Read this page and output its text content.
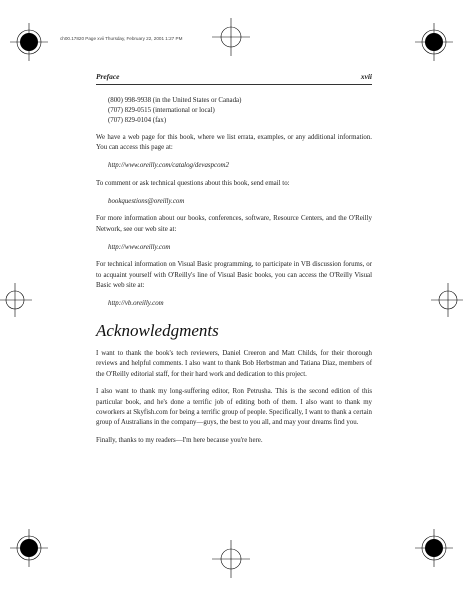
ch00.17820 Page xvii Thursday, February 22, 2001 1:27 PM
Preface	xvii
(800) 998-9938 (in the United States or Canada)
(707) 829-0515 (international or local)
(707) 829-0104 (fax)

We have a web page for this book, where we list errata, examples, or any additional information. You can access this page at:

http://www.oreilly.com/catalog/devaspcom2

To comment or ask technical questions about this book, send email to:

bookquestions@oreilly.com

For more information about our books, conferences, software, Resource Centers, and the O'Reilly Network, see our web site at:

http://www.oreilly.com

For technical information on Visual Basic programming, to participate in VB discussion forums, or to acquaint yourself with O'Reilly's line of Visual Basic books, you can access the O'Reilly Visual Basic web site at:

http://vb.oreilly.com
Acknowledgments

I want to thank the book's tech reviewers, Daniel Creeron and Matt Childs, for their thorough reviews and helpful comments. I also want to thank Bob Herbstman and Tatiana Diaz, members of the O'Reilly editorial staff, for their hard work and dedication to this project.

I also want to thank my long-suffering editor, Ron Petrusha. This is the second edition of this particular book, and he's done a terrific job of editing both of them. I also want to thank my coworkers at Skyfish.com for being a terrific group of people. Specifically, I want to thank a certain group of Australians in the company—guys, the best to you all, and may your dreams find you.

Finally, thanks to my readers—I'm here because you're here.
